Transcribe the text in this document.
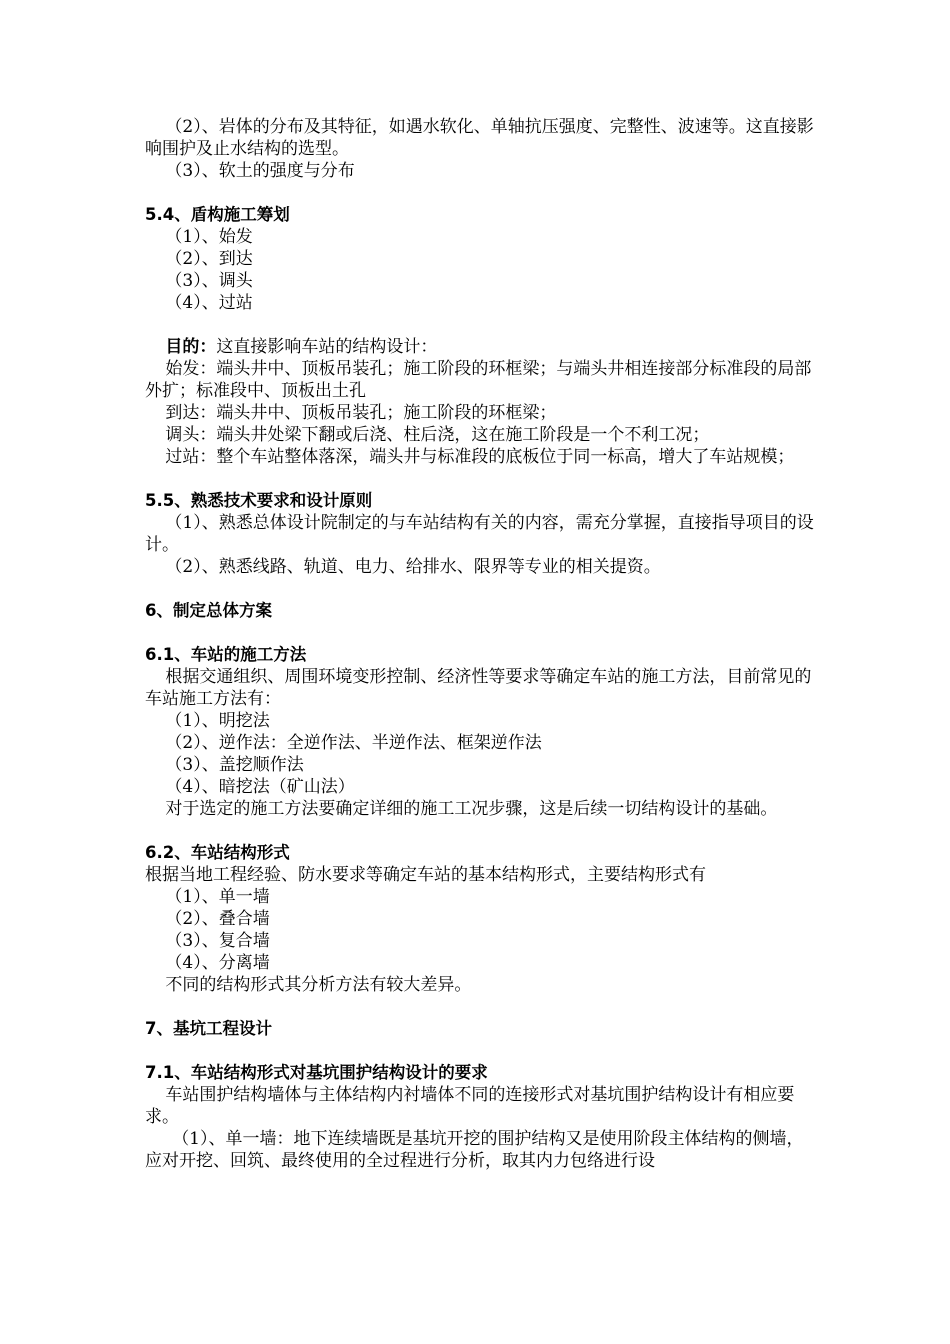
（2）、岩体的分布及其特征，如遇水软化、单轴抗压强度、完整性、波速等。这直接影响围护及止水结构的选型。

（3）、软土的强度与分布

5.4、盾构施工筹划

（1）、始发

（2）、到达

（3）、调头

（4）、过站

目的：这直接影响车站的结构设计：

始发：端头井中、顶板吊装孔；施工阶段的环框梁；与端头井相连接部分标准段的局部外扩；标准段中、顶板出土孔

到达：端头井中、顶板吊装孔；施工阶段的环框梁；

调头：端头井处梁下翻或后浇、柱后浇，这在施工阶段是一个不利工况；

过站：整个车站整体落深，端头井与标准段的底板位于同一标高，增大了车站规模；

5.5、熟悉技术要求和设计原则

（1）、熟悉总体设计院制定的与车站结构有关的内容，需充分掌握，直接指导项目的设计。

（2）、熟悉线路、轨道、电力、给排水、限界等专业的相关提资。

6、制定总体方案

6.1、车站的施工方法

根据交通组织、周围环境变形控制、经济性等要求等确定车站的施工方法，目前常见的车站施工方法有：

（1）、明挖法

（2）、逆作法：全逆作法、半逆作法、框架逆作法

（3）、盖挖顺作法

（4）、暗挖法（矿山法）

对于选定的施工方法要确定详细的施工工况步骤，这是后续一切结构设计的基础。

6.2、车站结构形式

根据当地工程经验、防水要求等确定车站的基本结构形式，主要结构形式有

（1）、单一墙

（2）、叠合墙

（3）、复合墙

（4）、分离墙

不同的结构形式其分析方法有较大差异。

7、基坑工程设计

7.1、车站结构形式对基坑围护结构设计的要求

车站围护结构墙体与主体结构内衬墙体不同的连接形式对基坑围护结构设计有相应要求。

（1）、单一墙：地下连续墙既是基坑开挖的围护结构又是使用阶段主体结构的侧墙，应对开挖、回筑、最终使用的全过程进行分析，取其内力包络进行设
